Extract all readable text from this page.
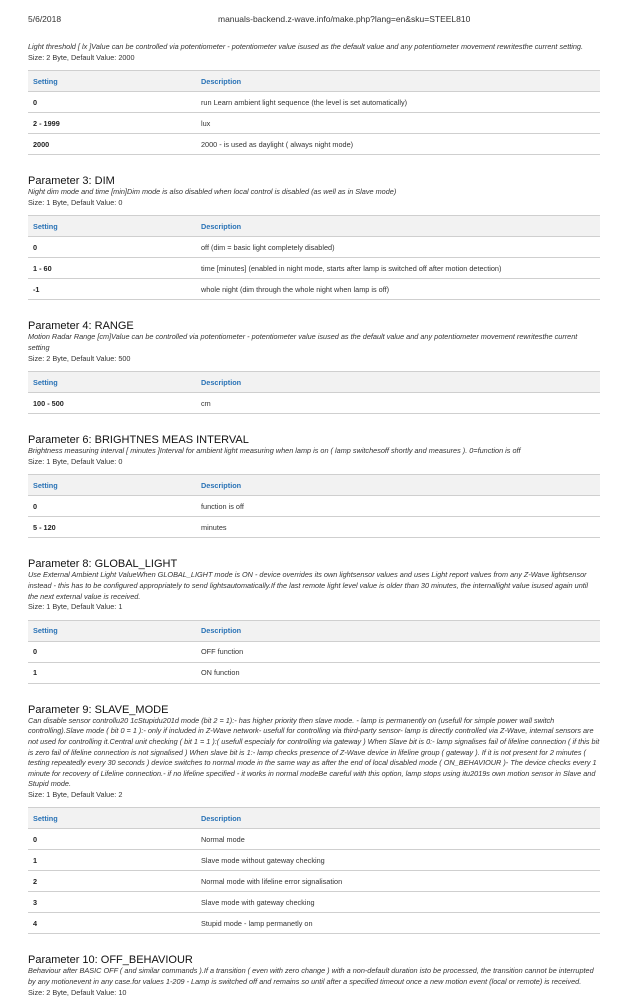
5/6/2018	manuals-backend.z-wave.info/make.php?lang=en&sku=STEEL810
Light threshold [ lx ]Value can be controlled via potentiometer - potentiometer value isused as the default value and any potentiometer movement rewritesthe current setting.
Size: 2 Byte, Default Value: 2000
Setting	Description
0	run Learn ambient light sequence (the level is set automatically)
2 - 1999	lux
2000	2000 - is used as daylight ( always night mode)
Parameter 3: DIM
Night dim mode and time [min]Dim mode is also disabled when local control is disabled (as well as in Slave mode)
Size: 1 Byte, Default Value: 0
Setting	Description
0	off (dim = basic light completely disabled)
1 - 60	time [minutes] (enabled in night mode, starts after lamp is switched off after motion detection)
-1	whole night (dim through the whole night when lamp is off)
Parameter 4: RANGE
Motion Radar Range [cm]Value can be controlled via potentiometer - potentiometer value isused as the default value and any potentiometer movement rewritesthe current setting
Size: 2 Byte, Default Value: 500
Setting	Description
100 - 500	cm
Parameter 6: BRIGHTNES MEAS INTERVAL
Brightness measuring interval [ minutes ]Interval for ambient light measuring when lamp is on ( lamp switchesoff shortly and measures ). 0=function is off
Size: 1 Byte, Default Value: 0
Setting	Description
0	function is off
5 - 120	minutes
Parameter 8: GLOBAL_LIGHT
Use External Ambient Light ValueWhen GLOBAL_LIGHT mode is ON - device overrides its own lightsensor values and uses Light report values from any Z-Wave lightsensor instead - this has to be configured appropriately to send lightsautomatically.If the last remote light level value is older than 30 minutes, the internallight value isused again until the next external value is received.
Size: 1 Byte, Default Value: 1
Setting	Description
0	OFF function
1	ON function
Parameter 9: SLAVE_MODE
Can disable sensor controllu20 1cStupidu201d mode (bit 2 = 1):- has higher priority then slave mode. - lamp is permanently on (usefull for simple power wall switch controlling).Slave mode ( bit 0 = 1 ):- only if included in Z-Wave network- usefull for controlling via third-party sensor- lamp is directly controlled via Z-Wave, internal sensors are not used for controlling it.Central unit checking ( bit 1 = 1 ):( usefull especialy for controlling via gateway ) When Slave bit is 0:- lamp signalises fail of lifeline connection ( if this bit is zero fail of lifeline connection is not signalised ) When slave bit is 1:- lamp checks presence of Z-Wave device in lifeline group ( gateway ). If it is not present for 2 minutes ( testing repeatedly every 30 seconds ) device switches to normal mode in the same way as after the end of local disabled mode ( ON_BEHAVIOUR )- The device checks every 1 minute for recovery of Lifeline connection.- if no lifeline specified - it works in normal modeBe careful with this option, lamp stops using itu2019s own motion sensor in Slave and Stupid mode.
Size: 1 Byte, Default Value: 2
Setting	Description
0	Normal mode
1	Slave mode without gateway checking
2	Normal mode with lifeline error signalisation
3	Slave mode with gateway checking
4	Stupid mode - lamp permanetly on
Parameter 10: OFF_BEHAVIOUR
Behaviour after BASIC OFF ( and similar commands ).If a transition ( even with zero change ) with a non-default duration isto be processed, the transition cannot be interrupted by any motionevent in any case.for values 1-209 - Lamp is switched off and remains so until after a specified timeout once a new motion event (local or remote) is received.
Size: 2 Byte, Default Value: 10
